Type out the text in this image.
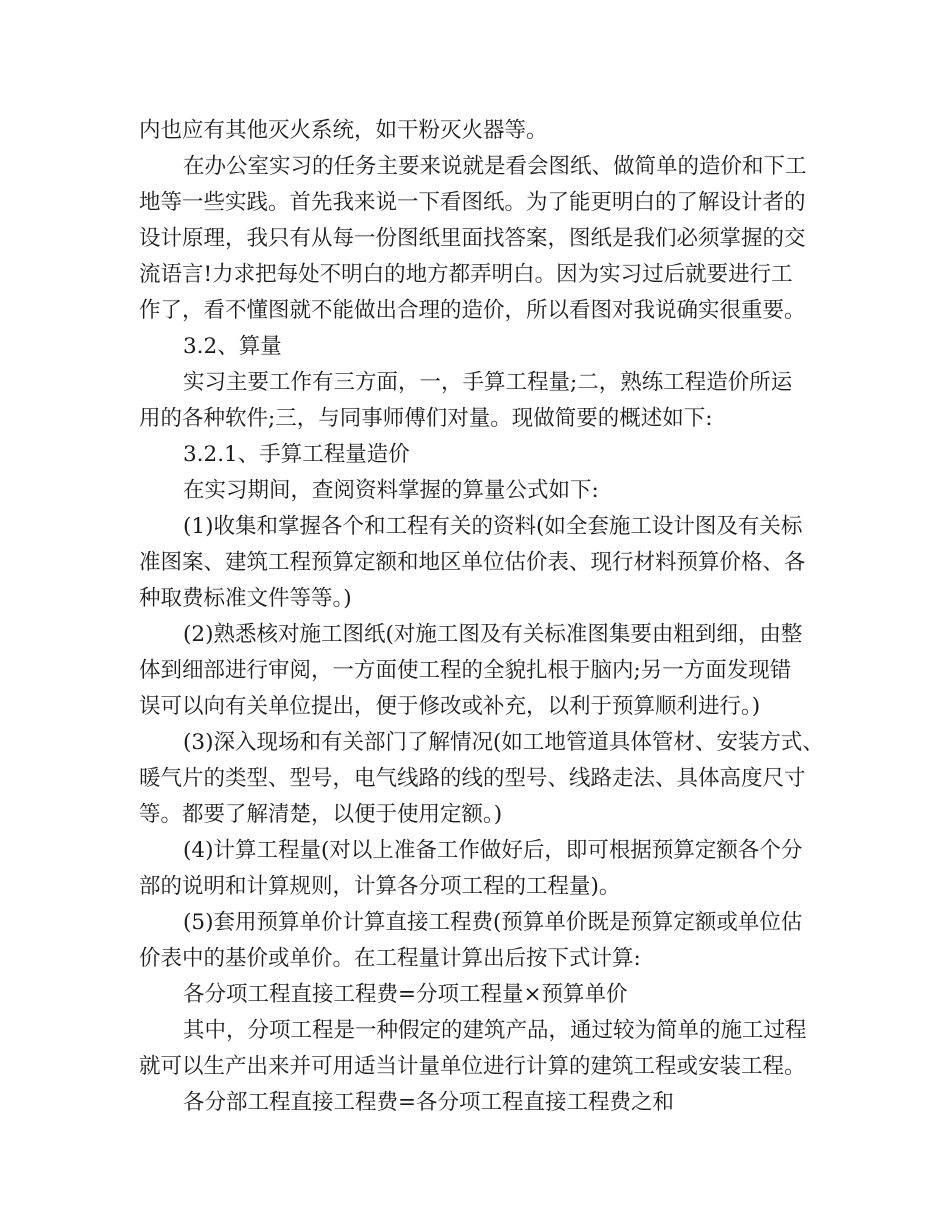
内也应有其他灭火系统，如干粉灭火器等。
在办公室实习的任务主要来说就是看会图纸、做简单的造价和下工
地等一些实践。首先我来说一下看图纸。为了能更明白的了解设计者的
设计原理，我只有从每一份图纸里面找答案，图纸是我们必须掌握的交
流语言!力求把每处不明白的地方都弄明白。因为实习过后就要进行工
作了，看不懂图就不能做出合理的造价，所以看图对我说确实很重要。
3.2、算量
实习主要工作有三方面，一，手算工程量;二，熟练工程造价所运
用的各种软件;三，与同事师傅们对量。现做简要的概述如下:
3.2.1、手算工程量造价
在实习期间，查阅资料掌握的算量公式如下:
(1)收集和掌握各个和工程有关的资料(如全套施工设计图及有关标
准图案、建筑工程预算定额和地区单位估价表、现行材料预算价格、各
种取费标准文件等等。)
(2)熟悉核对施工图纸(对施工图及有关标准图集要由粗到细，由整
体到细部进行审阅，一方面使工程的全貌扎根于脑内;另一方面发现错
误可以向有关单位提出，便于修改或补充，以利于预算顺利进行。)
(3)深入现场和有关部门了解情况(如工地管道具体管材、安装方式、
暖气片的类型、型号，电气线路的线的型号、线路走法、具体高度尺寸
等。都要了解清楚，以便于使用定额。)
(4)计算工程量(对以上准备工作做好后，即可根据预算定额各个分
部的说明和计算规则，计算各分项工程的工程量)。
(5)套用预算单价计算直接工程费(预算单价既是预算定额或单位估
价表中的基价或单价。在工程量计算出后按下式计算:
各分项工程直接工程费=分项工程量×预算单价
其中，分项工程是一种假定的建筑产品，通过较为简单的施工过程
就可以生产出来并可用适当计量单位进行计算的建筑工程或安装工程。
各分部工程直接工程费=各分项工程直接工程费之和
